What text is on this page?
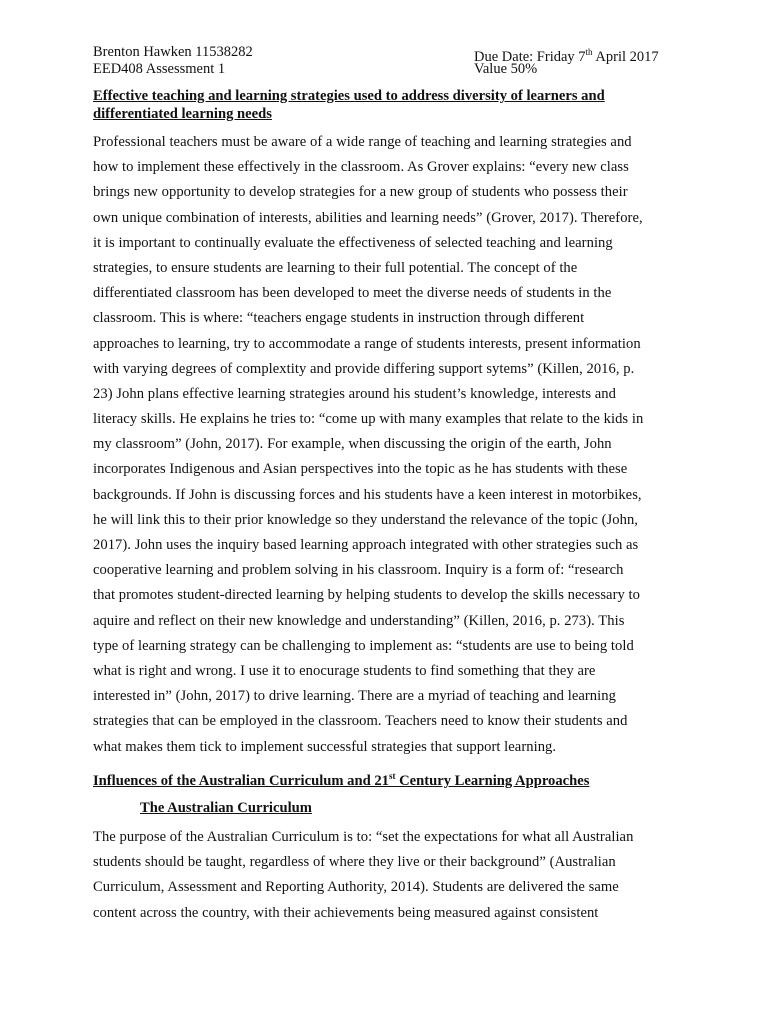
Brenton Hawken 11538282	Due Date: Friday 7th April 2017
EED408 Assessment 1	Value 50%
Effective teaching and learning strategies used to address diversity of learners and differentiated learning needs
Professional teachers must be aware of a wide range of teaching and learning strategies and
how to implement these effectively in the classroom. As Grover explains: “every new class
brings new opportunity to develop strategies for a new group of students who possess their
own unique combination of interests, abilities and learning needs” (Grover, 2017). Therefore,
it is important to continually evaluate the effectiveness of selected teaching and learning
strategies, to ensure students are learning to their full potential. The concept of the
differentiated classroom has been developed to meet the diverse needs of students in the
classroom. This is where: “teachers engage students in instruction through different
approaches to learning, try to accommodate a range of students interests, present information
with varying degrees of complextity and provide differing support sytems” (Killen, 2016, p.
23) John plans effective learning strategies around his student’s knowledge, interests and
literacy skills. He explains he tries to: “come up with many examples that relate to the kids in
my classroom” (John, 2017). For example, when discussing the origin of the earth, John
incorporates Indigenous and Asian perspectives into the topic as he has students with these
backgrounds. If John is discussing forces and his students have a keen interest in motorbikes,
he will link this to their prior knowledge so they understand the relevance of the topic (John,
2017). John uses the inquiry based learning approach integrated with other strategies such as
cooperative learning and problem solving in his classroom. Inquiry is a form of: “research
that promotes student-directed learning by helping students to develop the skills necessary to
aquire and reflect on their new knowledge and understanding” (Killen, 2016, p. 273). This
type of learning strategy can be challenging to implement as: “students are use to being told
what is right and wrong. I use it to enocurage students to find something that they are
interested in” (John, 2017) to drive learning. There are a myriad of teaching and learning
strategies that can be employed in the classroom. Teachers need to know their students and
what makes them tick to implement successful strategies that support learning.
Influences of the Australian Curriculum and 21st Century Learning Approaches
The Australian Curriculum
The purpose of the Australian Curriculum is to: “set the expectations for what all Australian
students should be taught, regardless of where they live or their background” (Australian
Curriculum, Assessment and Reporting Authority, 2014). Students are delivered the same
content across the country, with their achievements being measured against consistent
